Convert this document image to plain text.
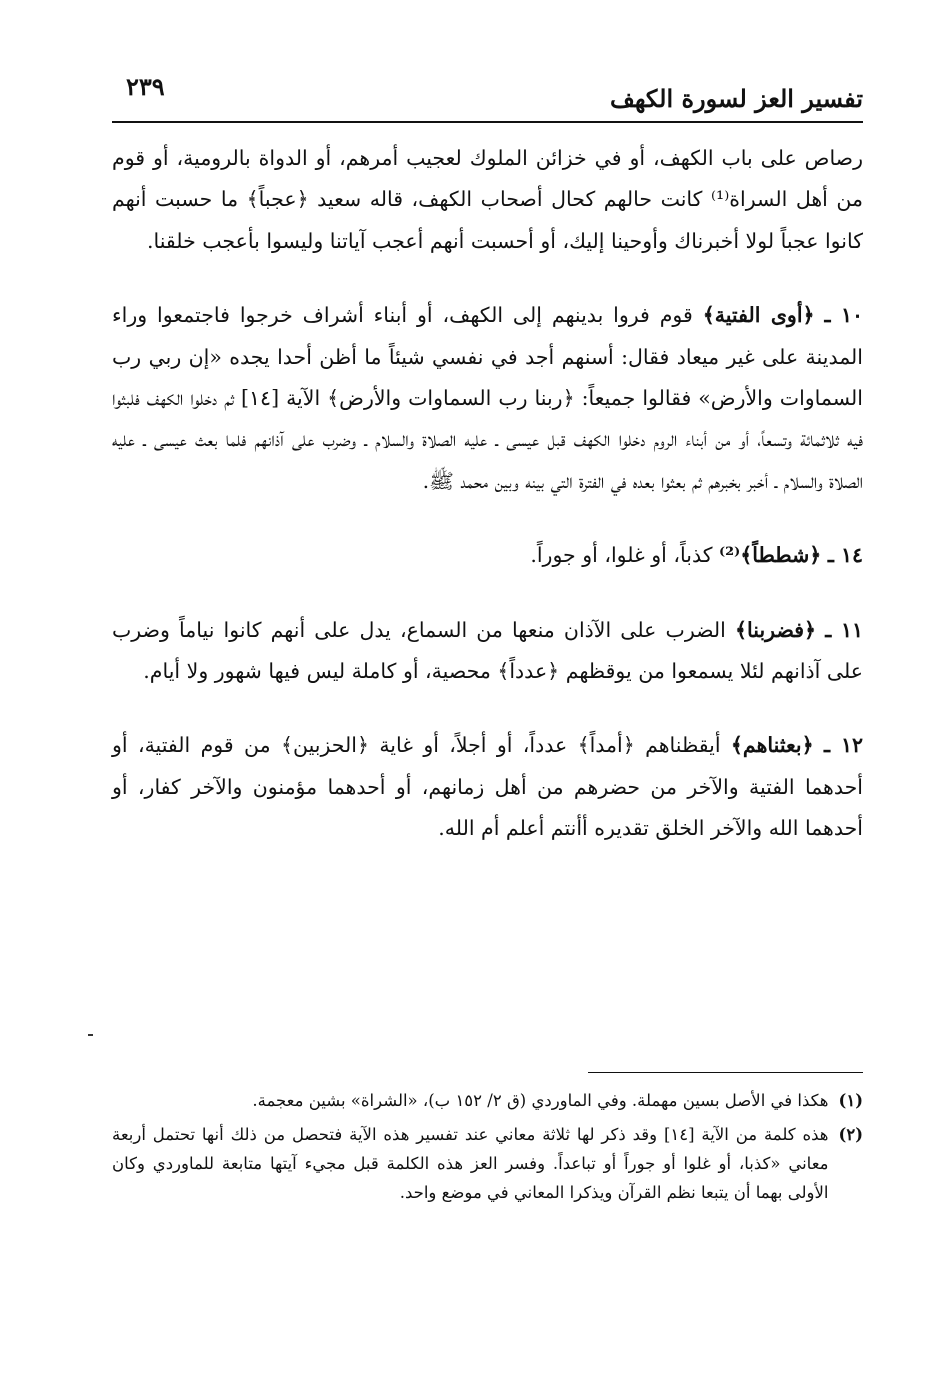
تفسير العز لسورة الكهف
٢٣٩

رصاص على باب الكهف، أو في خزائن الملوك لعجيب أمرهم، أو الدواة بالرومية، أو قوم من أهل السراة⁽¹⁾ كانت حالهم كحال أصحاب الكهف، قاله سعيد ﴿عجباً﴾ ما حسبت أنهم كانوا عجباً لولا أخبرناك وأوحينا إليك، أو أحسبت أنهم أعجب آياتنا وليسوا بأعجب خلقنا.

١٠ ـ ﴿أوى الفتية﴾ قوم فروا بدينهم إلى الكهف، أو أبناء أشراف خرجوا فاجتمعوا وراء المدينة على غير ميعاد فقال: أسنهم أجد في نفسي شيئاً ما أظن أحدا يجده «إن ربي رب السماوات والأرض» فقالوا جميعاً: ﴿ربنا رب السماوات والأرض﴾ الآية [١٤] ثم دخلوا الكهف فلبثوا فيه ثلاثمائة وتسعاً، أو من أبناء الروم دخلوا الكهف قبل عيسى ـ عليه الصلاة والسلام ـ وضرب على آذانهم فلما بعث عيسى ـ عليه الصلاة والسلام ـ أخبر بخبرهم ثم بعثوا بعده في الفترة التي بينه وبين محمد ﷺ.

١٤ ـ ﴿شططاً﴾⁽²⁾ كذباً، أو غلوا، أو جوراً.

١١ ـ ﴿فضربنا﴾ الضرب على الآذان منعها من السماع، يدل على أنهم كانوا نياماً وضرب على آذانهم لئلا يسمعوا من يوقظهم ﴿عدداً﴾ محصية، أو كاملة ليس فيها شهور ولا أيام.

١٢ ـ ﴿بعثناهم﴾ أيقظناهم ﴿أمداً﴾ عدداً، أو أجلاً، أو غاية ﴿الحزبين﴾ من قوم الفتية، أو أحدهما الفتية والآخر من حضرهم من أهل زمانهم، أو أحدهما مؤمنون والآخر كفار، أو أحدهما الله والآخر الخلق تقديره أأنتم أعلم أم الله.

(١)
هكذا في الأصل بسين مهملة. وفي الماوردي (ق ٢/ ١٥٢ ب)، «الشراة» بشين معجمة.

(٢)
هذه كلمة من الآية [١٤] وقد ذكر لها ثلاثة معاني عند تفسير هذه الآية فتحصل من ذلك أنها تحتمل أربعة معاني «كذبا، أو غلوا أو جوراً أو تباعداً. وفسر العز هذه الكلمة قبل مجيء آيتها متابعة للماوردي وكان الأولى بهما أن يتبعا نظم القرآن ويذكرا المعاني في موضع واحد.
